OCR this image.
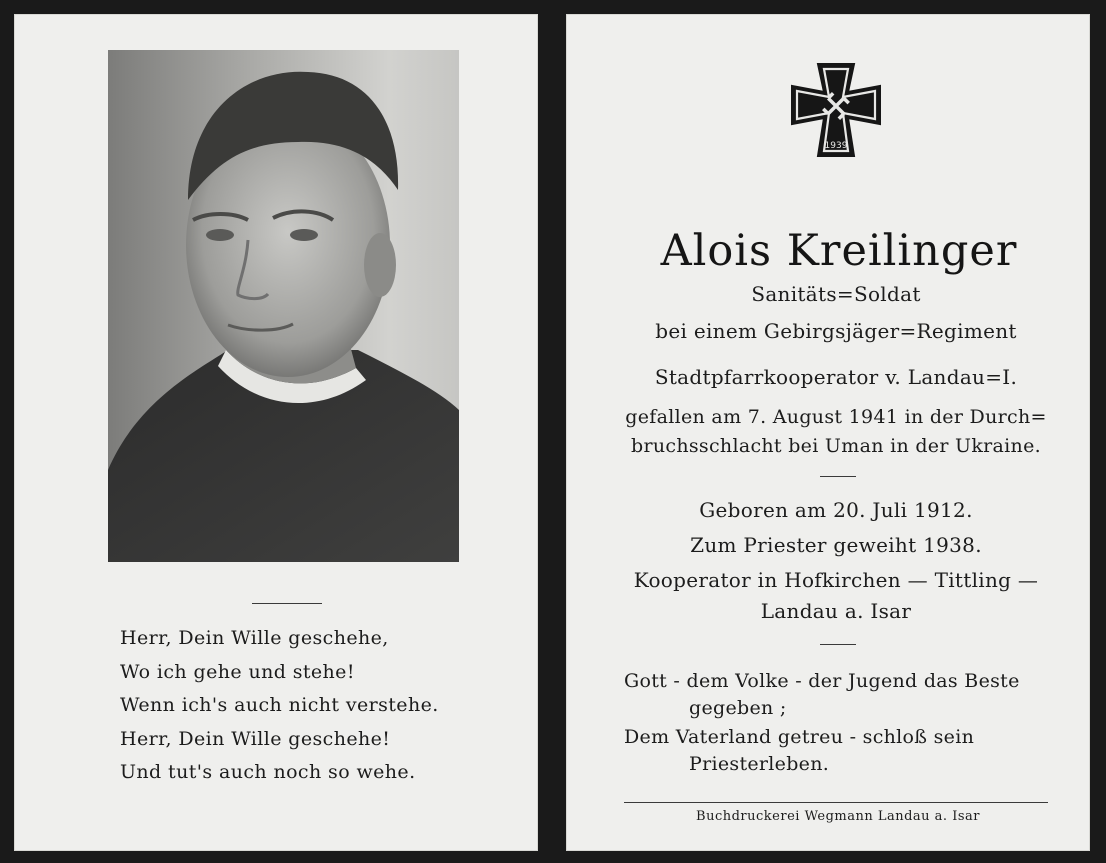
Herr, Dein Wille geschehe,
Wo ich gehe und stehe!
Wenn ich's auch nicht verstehe.
Herr, Dein Wille geschehe!
Und tut's auch noch so wehe.
1939
Alois Kreilinger
Sanitäts=Soldat
bei einem Gebirgsjäger=Regiment
Stadtpfarrkooperator v. Landau=I.
gefallen am 7. August 1941 in der Durch=
bruchsschlacht bei Uman in der Ukraine.
Geboren am 20. Juli 1912.
Zum Priester geweiht 1938.
Kooperator in Hofkirchen — Tittling —
Landau a. Isar
Gott - dem Volke - der Jugend das Beste
gegeben ;
Dem Vaterland getreu - schloß sein
Priesterleben.
Buchdruckerei Wegmann Landau a. Isar
